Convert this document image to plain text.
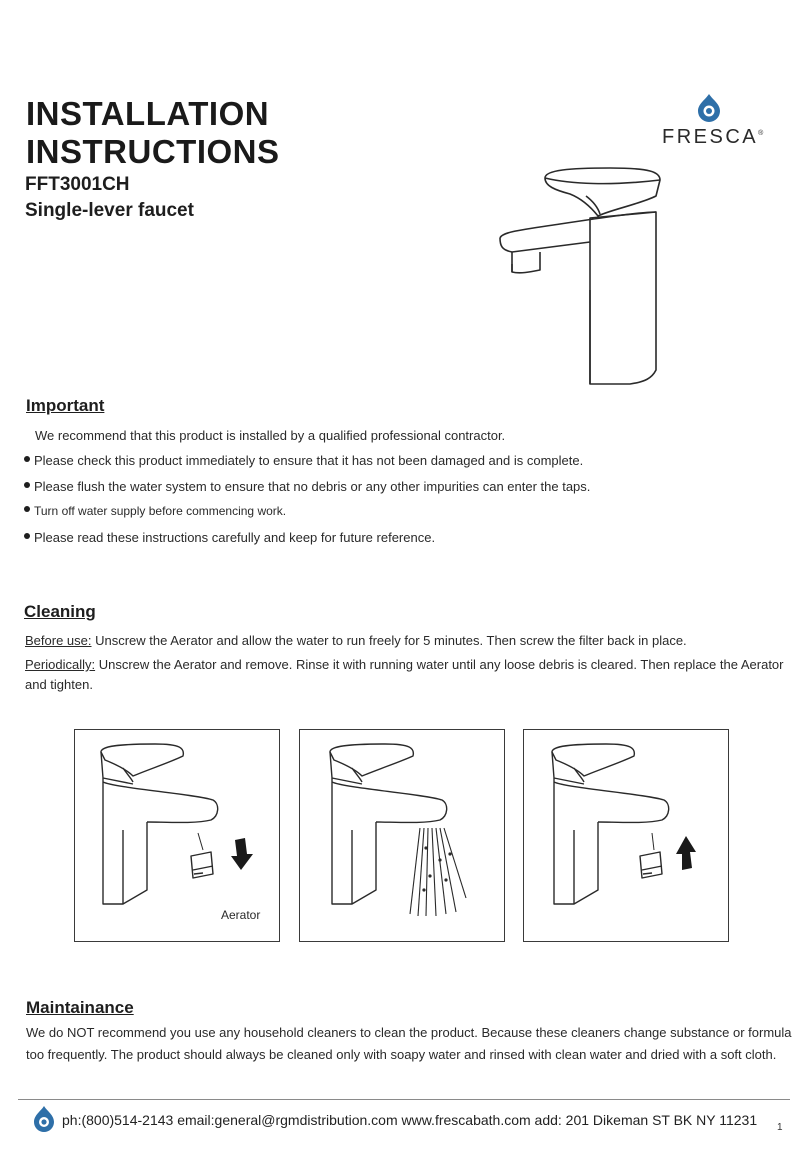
INSTALLATION
INSTRUCTIONS
FFT3001CH
Single-lever faucet
FRESCA®
Important
We recommend that this product is installed by a qualified professional contractor.
Please check this product immediately to ensure that it has not been damaged and is complete.
Please flush the water system to ensure that no debris or any other impurities can enter the taps.
Turn off water supply before commencing work.
Please read these instructions carefully and keep for future reference.
Cleaning
Before use: Unscrew the Aerator and allow the water to run freely for 5 minutes. Then screw the filter back in place.
Periodically: Unscrew the Aerator and remove. Rinse it with running water until any loose debris is cleared. Then replace the Aerator
and tighten.
Aerator
Maintainance
We do NOT recommend you use any household cleaners to clean the product. Because these cleaners change substance or formula
too frequently. The product should always be cleaned only with soapy water and rinsed with clean water and dried with a soft cloth.
ph:(800)514-2143 email:general@rgmdistribution.com www.frescabath.com add: 201 Dikeman ST BK NY 11231 1
